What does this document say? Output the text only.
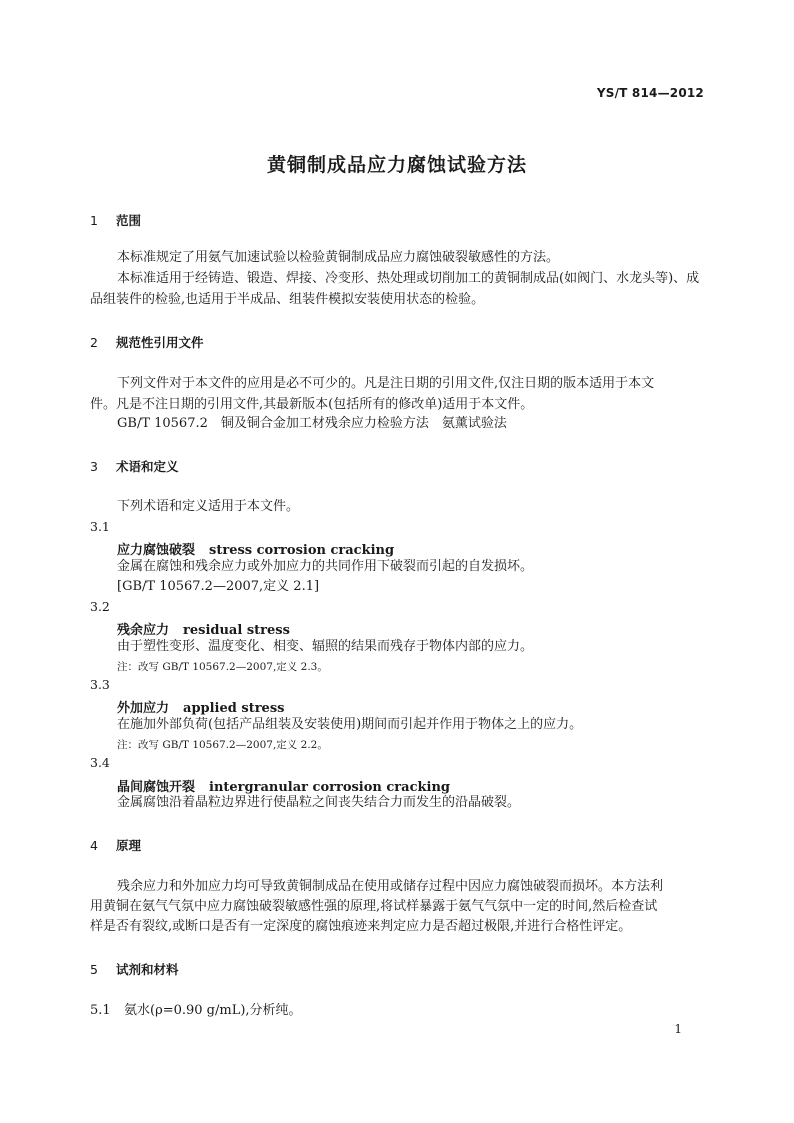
YS/T 814—2012
黄铜制成品应力腐蚀试验方法
1 范围
本标准规定了用氨气加速试验以检验黄铜制成品应力腐蚀破裂敏感性的方法。
本标准适用于经铸造、锻造、焊接、冷变形、热处理或切削加工的黄铜制成品(如阀门、水龙头等)、成
品组装件的检验,也适用于半成品、组装件模拟安装使用状态的检验。
2 规范性引用文件
下列文件对于本文件的应用是必不可少的。凡是注日期的引用文件,仅注日期的版本适用于本文
件。凡是不注日期的引用文件,其最新版本(包括所有的修改单)适用于本文件。
GB/T 10567.2　铜及铜合金加工材残余应力检验方法　氨薰试验法
3 术语和定义
下列术语和定义适用于本文件。
3.1
应力腐蚀破裂 stress corrosion cracking
金属在腐蚀和残余应力或外加应力的共同作用下破裂而引起的自发损坏。
[GB/T 10567.2—2007,定义 2.1]
3.2
残余应力 residual stress
由于塑性变形、温度变化、相变、辐照的结果而残存于物体内部的应力。
注：改写 GB/T 10567.2—2007,定义 2.3。
3.3
外加应力 applied stress
在施加外部负荷(包括产品组装及安装使用)期间而引起并作用于物体之上的应力。
注：改写 GB/T 10567.2—2007,定义 2.2。
3.4
晶间腐蚀开裂 intergranular corrosion cracking
金属腐蚀沿着晶粒边界进行使晶粒之间丧失结合力而发生的沿晶破裂。
4 原理
残余应力和外加应力均可导致黄铜制成品在使用或储存过程中因应力腐蚀破裂而损坏。本方法利
用黄铜在氨气气氛中应力腐蚀破裂敏感性强的原理,将试样暴露于氨气气氛中一定的时间,然后检查试
样是否有裂纹,或断口是否有一定深度的腐蚀痕迹来判定应力是否超过极限,并进行合格性评定。
5 试剂和材料
5.1 氨水(ρ=0.90 g/mL),分析纯。
1
